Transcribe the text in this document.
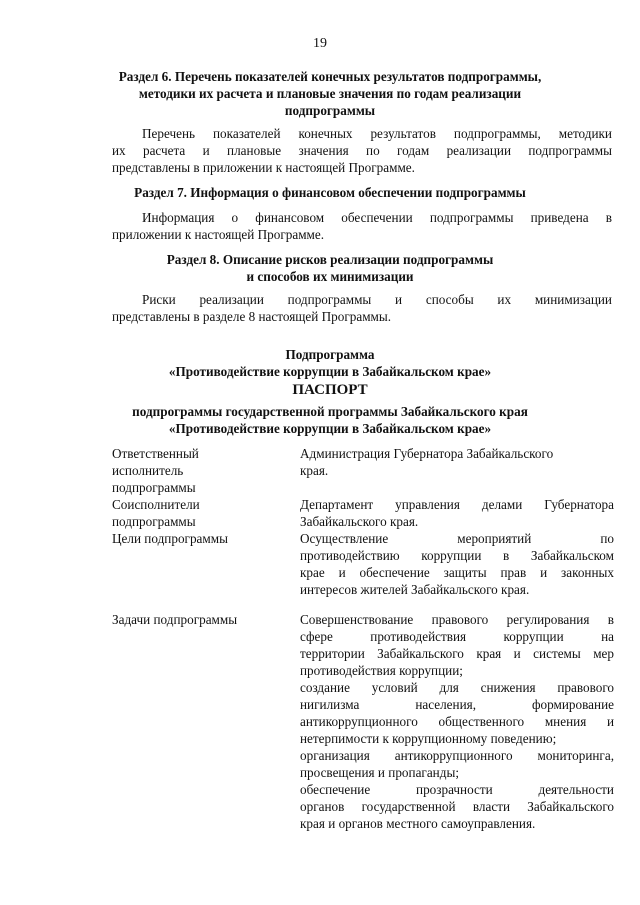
19
Раздел 6. Перечень показателей конечных результатов подпрограммы,
методики их расчета и плановые значения по годам реализации
подпрограммы
Перечень показателей конечных результатов подпрограммы, методики
их расчета и плановые значения по годам реализации подпрограммы
представлены в приложении к настоящей Программе.
Раздел 7. Информация о финансовом обеспечении подпрограммы
Информация о финансовом обеспечении подпрограммы приведена в
приложении к настоящей Программе.
Раздел 8. Описание рисков реализации подпрограммы
и способов их минимизации
Риски реализации подпрограммы и способы их минимизации
представлены в разделе 8 настоящей Программы.
Подпрограмма
«Противодействие коррупции в Забайкальском крае»
ПАСПОРТ
подпрограммы государственной программы Забайкальского края
«Противодействие коррупции в Забайкальском крае»
Ответственный
исполнитель
подпрограммы
Администрация Губернатора Забайкальского
края.
Соисполнители
подпрограммы
Департамент управления делами Губернатора
Забайкальского края.
Цели подпрограммы	Осуществление мероприятий по
противодействию коррупции в Забайкальском
крае и обеспечение защиты прав и законных
интересов жителей Забайкальского края.
Задачи подпрограммы	Совершенствование правового регулирования в
сфере противодействия коррупции на
территории Забайкальского края и системы мер
противодействия коррупции;
создание условий для снижения правового
нигилизма населения, формирование
антикоррупционного общественного мнения и
нетерпимости к коррупционному поведению;
организация антикоррупционного мониторинга,
просвещения и пропаганды;
обеспечение прозрачности деятельности
органов государственной власти Забайкальского
края и органов местного самоуправления.
